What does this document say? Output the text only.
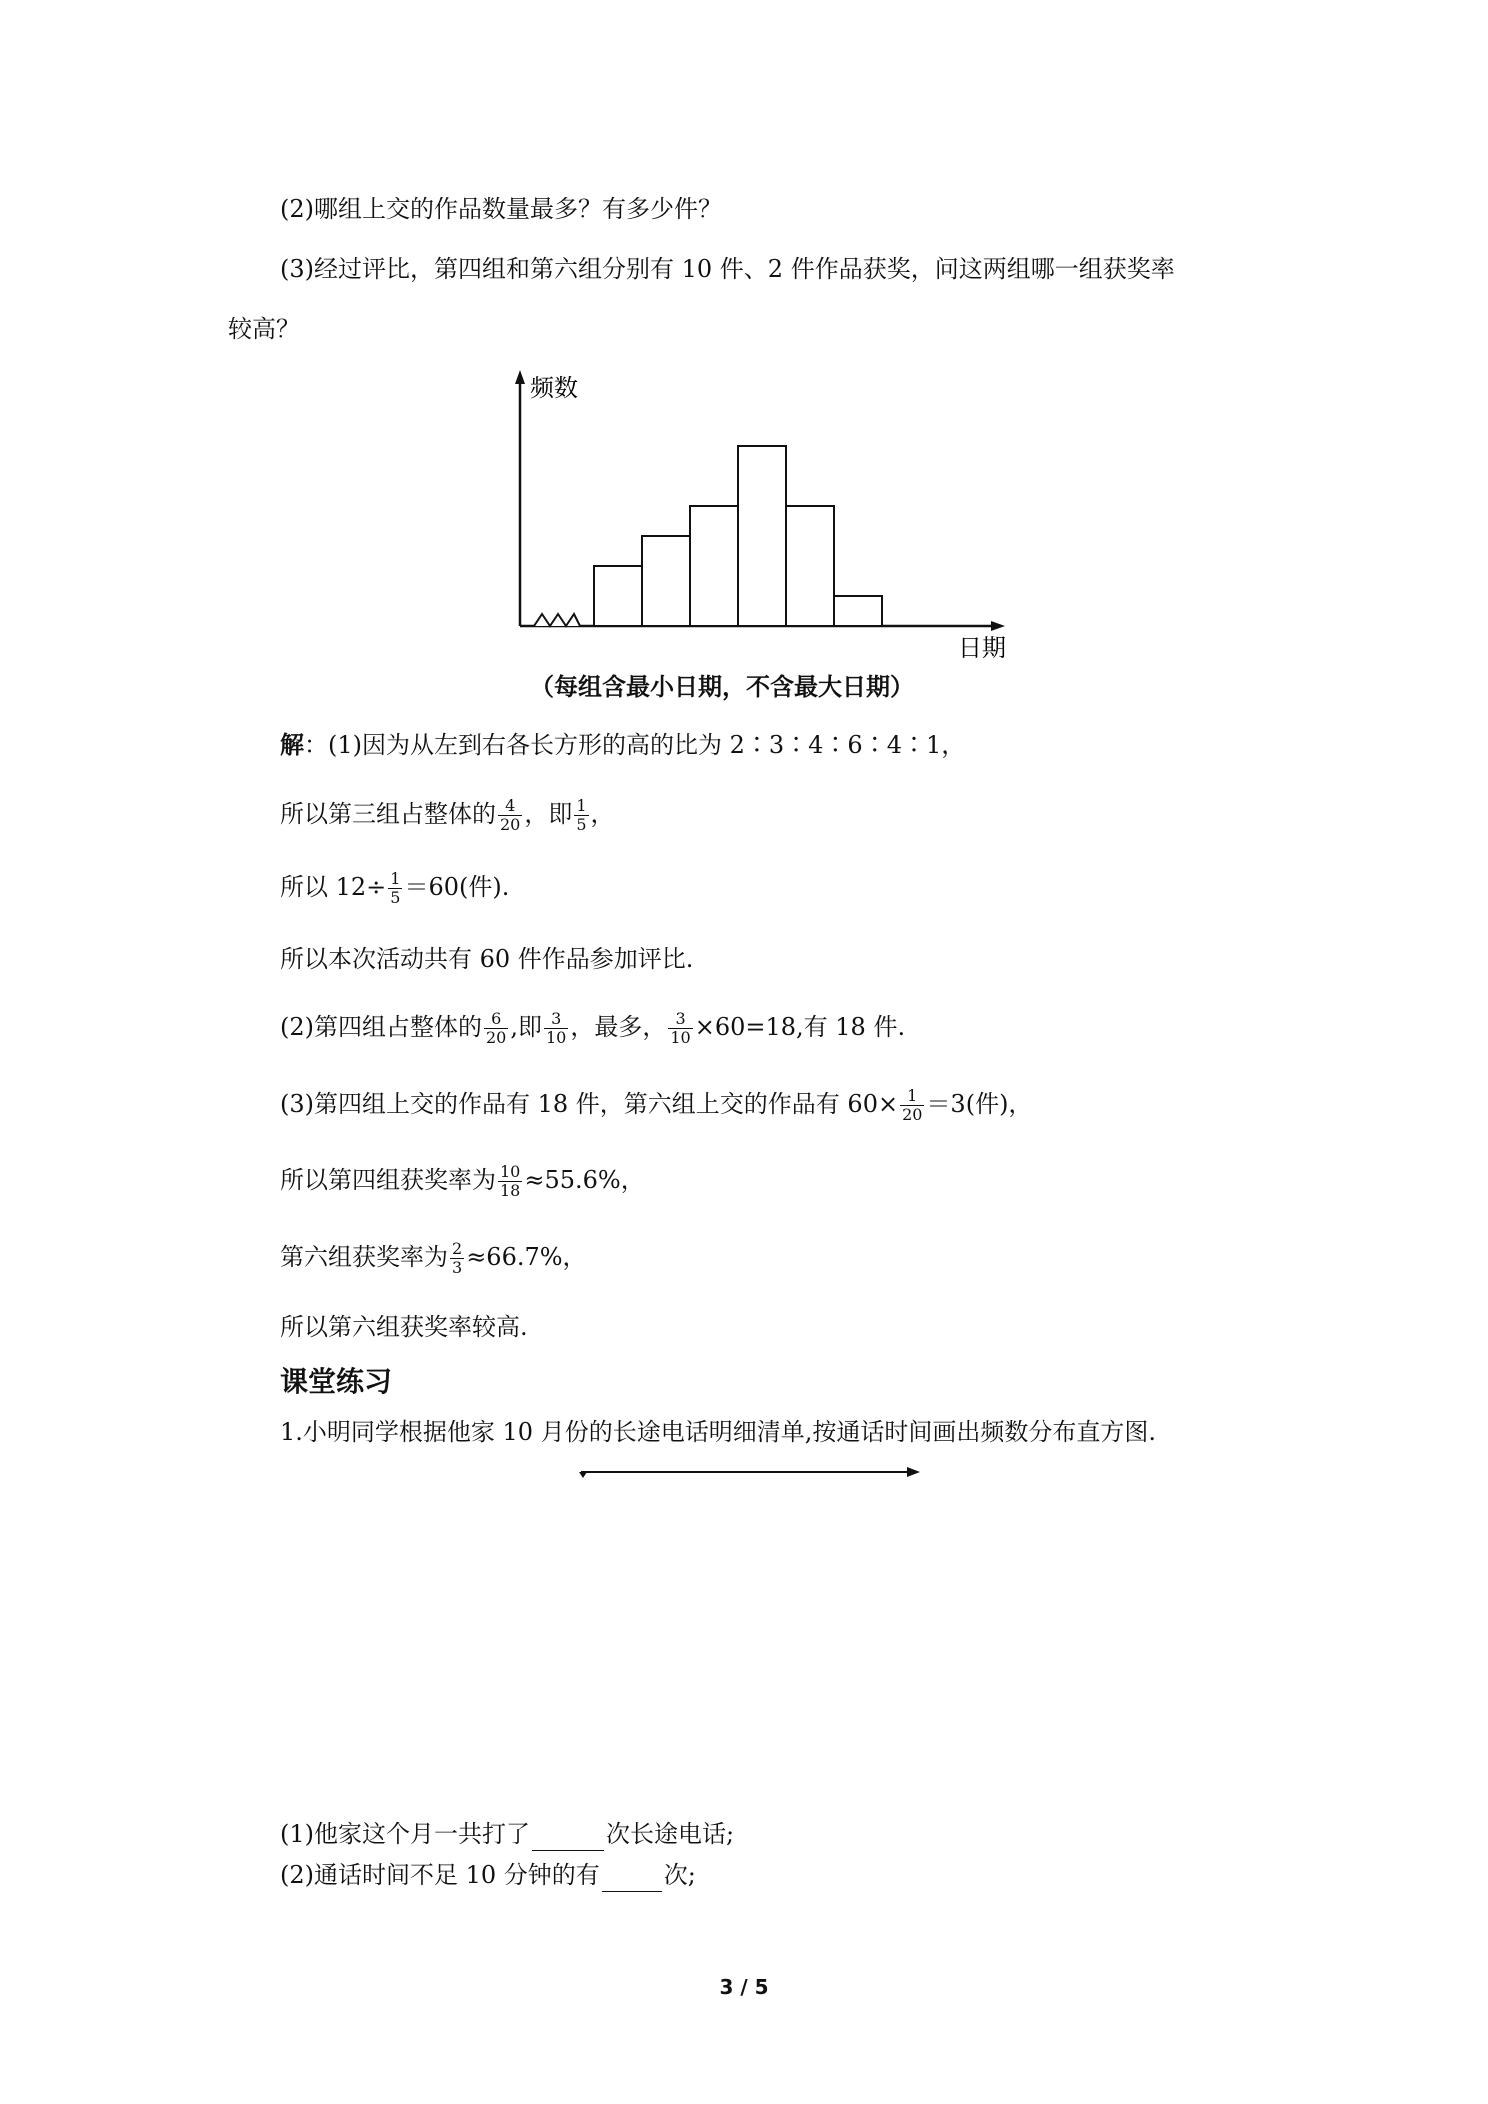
(2)哪组上交的作品数量最多？有多少件？
(3)经过评比，第四组和第六组分别有 10 件、2 件作品获奖，问这两组哪一组获奖率
较高？
频数
日期
（每组含最小日期，不含最大日期）
解：(1)因为从左到右各长方形的高的比为 2∶3∶4∶6∶4∶1，
所以第三组占整体的 $\frac{4}{20}$ ，即 $\frac{1}{5}$ ，
所以 $12\div \frac{1}{5} =60$(件).
所以本次活动共有 60 件作品参加评比.
(2)第四组占整体的 $\frac{6}{20}$ ,即 $\frac{3}{10}$ ，最多， $\frac{3}{10} \times 60=18$,有 18 件.
(3)第四组上交的作品有 18 件，第六组上交的作品有 $60\times \frac{1}{20} =3$(件)，
所以第四组获奖率为 $\frac{10}{18} \approx 55.6\%$，
第六组获奖率为 $\frac{2}{3} \approx 66.7\%$，
所以第六组获奖率较高.
课堂练习
1.小明同学根据他家 10 月份的长途电话明细清单,按通话时间画出频数分布直方图.
(1)他家这个月一共打了	次长途电话;
(2)通话时间不足 10 分钟的有	次;
3 / 5
